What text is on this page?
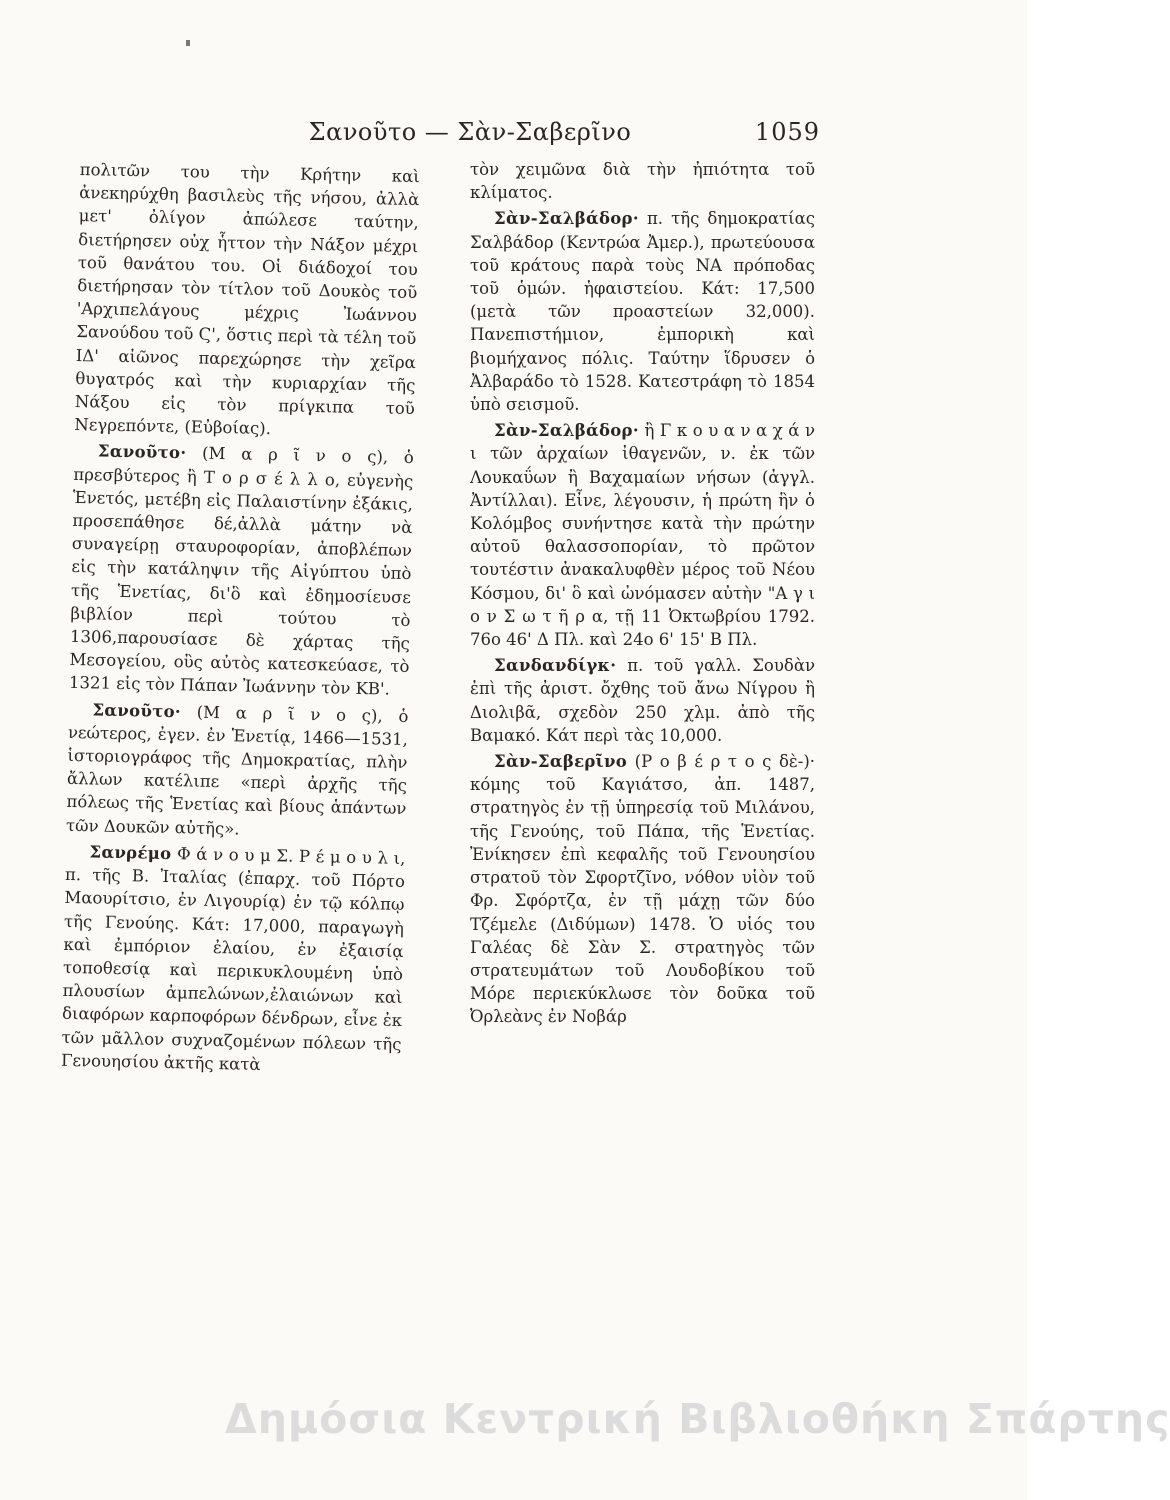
Σανοῦτο — Σὰν-Σαβερῖνο	1059

πολιτῶν του τὴν Κρήτην καὶ ἀνεκηρύχθη βασιλεὺς τῆς νήσου, ἀλλὰ μετ' ὀλίγον ἀπώλεσε ταύτην, διετήρησεν οὐχ ἧττον τὴν Νάξον μέχρι τοῦ θανάτου του. Οἱ διάδοχοί του διετήρησαν τὸν τίτλον τοῦ Δουκὸς τοῦ 'Αρχιπελάγους μέχρις Ἰωάννου Σανούδου τοῦ Ϛ', ὅστις περὶ τὰ τέλη τοῦ ΙΔ' αἰῶνος παρεχώρησε τὴν χεῖρα θυγατρός καὶ τὴν κυριαρχίαν τῆς Νάξου εἰς τὸν πρίγκιπα τοῦ Νεγρεπόντε, (Εὐβοίας).

Σανοῦτο· (Μ α ρ ῖ ν ο ς), ὁ πρεσβύτερος ἢ Τ ο ρ σ έ λ λ ο, εὐγενὴς Ἑνετός, μετέβη εἰς Παλαιστίνην ἐξάκις, προσεπάθησε δέ,ἀλλὰ μάτην νὰ συναγείρῃ σταυροφορίαν, ἀποβλέπων εἰς τὴν κατάληψιν τῆς Αἰγύπτου ὑπὸ τῆς Ἑνετίας, δι'ὃ καὶ ἐδημοσίευσε βιβλίον περὶ τούτου τὸ 1306,παρουσίασε δὲ χάρτας τῆς Μεσογείου, οὓς αὐτὸς κατεσκεύασε, τὸ 1321 εἰς τὸν Πάπαν Ἰωάννην τὸν ΚΒ'.

Σανοῦτο· (Μ α ρ ῖ ν ο ς), ὁ νεώτερος, ἐγεν. ἐν Ἑνετίᾳ, 1466—1531, ἱστοριογράφος τῆς Δημοκρατίας, πλὴν ἄλλων κατέλιπε «περὶ ἀρχῆς τῆς πόλεως τῆς Ἑνετίας καὶ βίους ἁπάντων τῶν Δουκῶν αὐτῆς».

Σανρέμο Φ ά ν ο υ μ Σ. Ρ έ μ ο υ λ ι, π. τῆς Β. Ἰταλίας (ἐπαρχ. τοῦ Πόρτο Μαουρίτσιο, ἐν Λιγουρίᾳ) ἐν τῷ κόλπῳ τῆς Γενούης. Κάτ: 17,000, παραγωγὴ καὶ ἐμπόριον ἐλαίου, ἐν ἐξαισίᾳ τοποθεσίᾳ καὶ περικυκλουμένη ὑπὸ πλουσίων ἀμπελώνων,ἐλαιώνων καὶ διαφόρων καρποφόρων δένδρων, εἶνε ἐκ τῶν μᾶλλον συχναζομένων πόλεων τῆς Γενουησίου ἀκτῆς κατὰ

τὸν χειμῶνα διὰ τὴν ἠπιότητα τοῦ κλίματος.

Σὰν-Σαλβάδορ· π. τῆς δημοκρατίας Σαλβάδορ (Κεντρώα Ἀμερ.), πρωτεύουσα τοῦ κράτους παρὰ τοὺς ΝΑ πρόποδας τοῦ ὁμών. ἡφαιστείου. Κάτ: 17,500 (μετὰ τῶν προαστείων 32,000). Πανεπιστήμιον, ἐμπορικὴ καὶ βιομήχανος πόλις. Ταύτην ἵδρυσεν ὁ Ἀλβαράδο τὸ 1528. Κατεστράφη τὸ 1854 ὑπὸ σεισμοῦ.

Σὰν-Σαλβάδορ· ἢ Γ κ ο υ α ν α χ ά ν ι τῶν ἀρχαίων ἰθαγενῶν, ν. ἐκ τῶν Λουκαΰων ἢ Βαχαμαίων νήσων (ἀγγλ. Ἀντίλλαι). Εἶνε, λέγουσιν, ἡ πρώτη ἣν ὁ Κολόμβος συνήντησε κατὰ τὴν πρώτην αὐτοῦ θαλασσοπορίαν, τὸ πρῶτον τουτέστιν ἀνακαλυφθὲν μέρος τοῦ Νέου Κόσμου, δι' ὃ καὶ ὠνόμασεν αὐτὴν "Α γ ι ο ν Σ ω τ ῆ ρ α, τῇ 11 Ὀκτωβρίου 1792. 76ο 46' Δ Πλ. καὶ 24ο 6' 15' Β Πλ.

Σανδανδίγκ· π. τοῦ γαλλ. Σουδὰν ἐπὶ τῆς ἀριστ. ὄχθης τοῦ ἄνω Νίγρου ἢ Διολιβᾶ, σχεδὸν 250 χλμ. ἀπὸ τῆς Βαμακό. Κάτ περὶ τὰς 10,000.

Σὰν-Σαβερῖνο (Ρ ο β έ ρ τ ο ς δὲ-)· κόμης τοῦ Καγιάτσο, ἀπ. 1487, στρατηγὸς ἐν τῇ ὑπηρεσίᾳ τοῦ Μιλάνου, τῆς Γενούης, τοῦ Πάπα, τῆς Ἑνετίας. Ἐνίκησεν ἐπὶ κεφαλῆς τοῦ Γενουησίου στρατοῦ τὸν Σφορτζῖνο, νόθον υἱὸν τοῦ Φρ. Σφόρτζα, ἐν τῇ μάχῃ τῶν δύο Τζέμελε (Διδύμων) 1478. Ὁ υἱός του Γαλέας δὲ Σὰν Σ. στρατηγὸς τῶν στρατευμάτων τοῦ Λουδοβίκου τοῦ Μόρε περιεκύκλωσε τὸν δοῦκα τοῦ Ὀρλεὰνς ἐν Νοβάρ

Δημόσια Κεντρική Βιβλιοθήκη Σπάρτης
